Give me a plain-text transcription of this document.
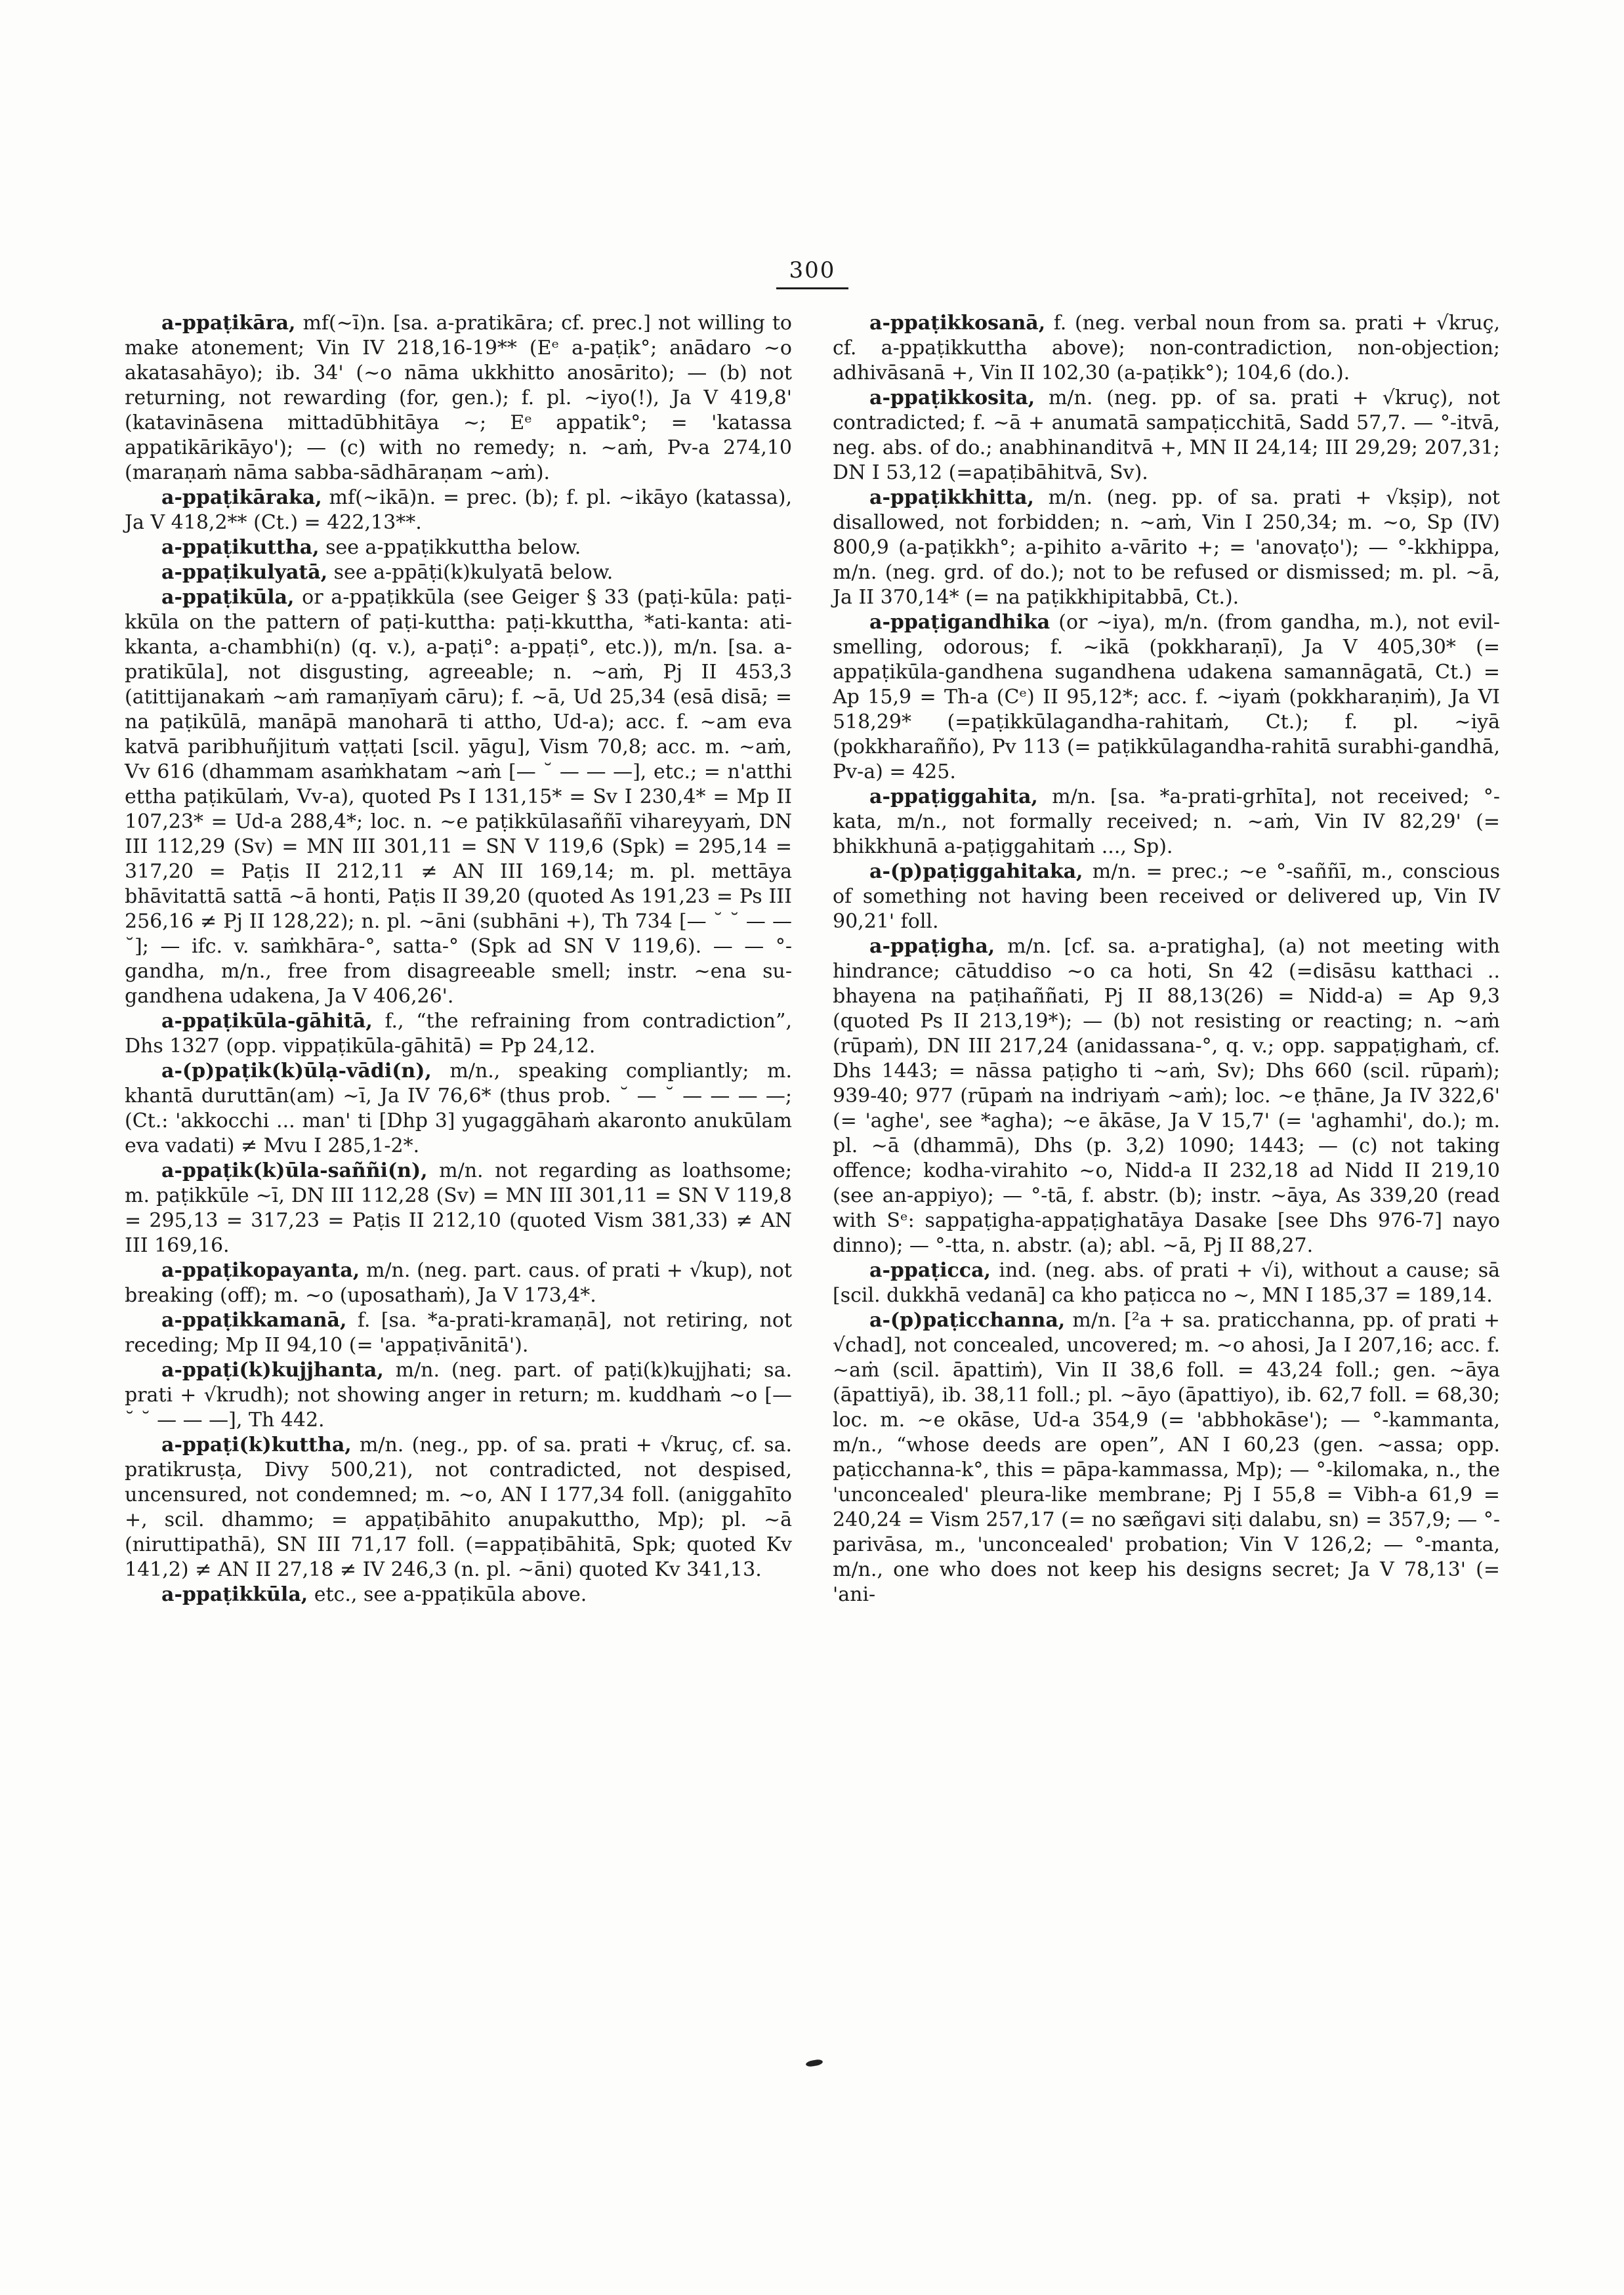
300

a-ppaṭikāra, mf(~ī)n. [sa. a-pratikāra; cf. prec.] not willing to make atonement; Vin IV 218,16-19** (Eᵉ a-paṭik°; anādaro ~o akatasahāyo); ib. 34' (~o nāma ukkhitto anosārito); — (b) not returning, not rewarding (for, gen.); f. pl. ~iyo(!), Ja V 419,8' (katavināsena mittadūbhitāya ~; Eᵉ appatik°; = 'katassa appatikārikāyo'); — (c) with no remedy; n. ~aṁ, Pv-a 274,10 (maraṇaṁ nāma sabba-sādhāraṇam ~aṁ).

a-ppaṭikāraka, mf(~ikā)n. = prec. (b); f. pl. ~ikāyo (katassa), Ja V 418,2** (Ct.) = 422,13**.

a-ppaṭikuttha, see a-ppaṭikkuttha below.

a-ppaṭikulyatā, see a-ppāṭi(k)kulyatā below.

a-ppaṭikūla, or a-ppaṭikkūla (see Geiger § 33 (paṭi-kūla: paṭi-kkūla on the pattern of paṭi-kuttha: paṭi-kkuttha, *ati-kanta: ati-kkanta, a-chambhi(n) (q. v.), a-paṭi°: a-ppaṭi°, etc.)), m/n. [sa. a-pratikūla], not disgusting, agreeable; n. ~aṁ, Pj II 453,3 (atittijanakaṁ ~aṁ ramaṇīyaṁ cāru); f. ~ā, Ud 25,34 (esā disā; = na paṭikūlā, manāpā manoharā ti attho, Ud-a); acc. f. ~am eva katvā paribhuñjituṁ vaṭṭati [scil. yāgu], Vism 70,8; acc. m. ~aṁ, Vv 616 (dhammam asaṁkhatam ~aṁ [— ˘ — — —], etc.; = n'atthi ettha paṭikūlaṁ, Vv-a), quoted Ps I 131,15* = Sv I 230,4* = Mp II 107,23* = Ud-a 288,4*; loc. n. ~e paṭikkūlasaññī vihareyyaṁ, DN III 112,29 (Sv) = MN III 301,11 = SN V 119,6 (Spk) = 295,14 = 317,20 = Paṭis II 212,11 ≠ AN III 169,14; m. pl. mettāya bhāvitattā sattā ~ā honti, Paṭis II 39,20 (quoted As 191,23 = Ps III 256,16 ≠ Pj II 128,22); n. pl. ~āni (subhāni +), Th 734 [— ˘ ˘ — — ˘]; — ifc. v. saṁkhāra-°, satta-° (Spk ad SN V 119,6). — — °-gandha, m/n., free from disagreeable smell; instr. ~ena su-gandhena udakena, Ja V 406,26'.

a-ppaṭikūla-gāhitā, f., “the refraining from contradiction”, Dhs 1327 (opp. vippaṭikūla-gāhitā) = Pp 24,12.

a-(p)paṭik(k)ūlạ-vādi(n), m/n., speaking compliantly; m. khantā duruttān(am) ~ī, Ja IV 76,6* (thus prob. ˘ — ˘ — — — —; (Ct.: 'akkocchi ... man' ti [Dhp 3] yugaggāhaṁ akaronto anukūlam eva vadati) ≠ Mvu I 285,1-2*.

a-ppaṭik(k)ūla-saññi(n), m/n. not regarding as loathsome; m. paṭikkūle ~ī, DN III 112,28 (Sv) = MN III 301,11 = SN V 119,8 = 295,13 = 317,23 = Paṭis II 212,10 (quoted Vism 381,33) ≠ AN III 169,16.

a-ppaṭikopayanta, m/n. (neg. part. caus. of prati + √kup), not breaking (off); m. ~o (uposathaṁ), Ja V 173,4*.

a-ppaṭikkamanā, f. [sa. *a-prati-kramaṇā], not retiring, not receding; Mp II 94,10 (= 'appaṭivānitā').

a-ppaṭi(k)kujjhanta, m/n. (neg. part. of paṭi(k)kujjhati; sa. prati + √krudh); not showing anger in return; m. kuddhaṁ ~o [— ˘ ˘ — — —], Th 442.

a-ppaṭi(k)kuttha, m/n. (neg., pp. of sa. prati + √kruç, cf. sa. pratikrusṭa, Divy 500,21), not contradicted, not despised, uncensured, not condemned; m. ~o, AN I 177,34 foll. (aniggahīto +, scil. dhammo; = appaṭibāhito anupakuttho, Mp); pl. ~ā (niruttipathā), SN III 71,17 foll. (=appaṭibāhitā, Spk; quoted Kv 141,2) ≠ AN II 27,18 ≠ IV 246,3 (n. pl. ~āni) quoted Kv 341,13.

a-ppaṭikkūla, etc., see a-ppaṭikūla above.

a-ppaṭikkosanā, f. (neg. verbal noun from sa. prati + √kruç, cf. a-ppaṭikkuttha above); non-contradiction, non-objection; adhivāsanā +, Vin II 102,30 (a-paṭikk°); 104,6 (do.).

a-ppaṭikkosita, m/n. (neg. pp. of sa. prati + √kruç), not contradicted; f. ~ā + anumatā sampaṭicchitā, Sadd 57,7. — °-itvā, neg. abs. of do.; anabhinanditvā +, MN II 24,14; III 29,29; 207,31; DN I 53,12 (=apaṭibāhitvā, Sv).

a-ppaṭikkhitta, m/n. (neg. pp. of sa. prati + √kṣip), not disallowed, not forbidden; n. ~aṁ, Vin I 250,34; m. ~o, Sp (IV) 800,9 (a-paṭikkh°; a-pihito a-vārito +; = 'anovaṭo'); — °-kkhippa, m/n. (neg. grd. of do.); not to be refused or dismissed; m. pl. ~ā, Ja II 370,14* (= na paṭikkhipitabbā, Ct.).

a-ppaṭigandhika (or ~iya), m/n. (from gandha, m.), not evil-smelling, odorous; f. ~ikā (pokkharaṇī), Ja V 405,30* (= appaṭikūla-gandhena sugandhena udakena samannāgatā, Ct.) = Ap 15,9 = Th-a (Cᵉ) II 95,12*; acc. f. ~iyaṁ (pokkharaṇiṁ), Ja VI 518,29* (=paṭikkūlagandha-rahitaṁ, Ct.); f. pl. ~iyā (pokkharañño), Pv 113 (= paṭikkūlagandha-rahitā surabhi-gandhā, Pv-a) = 425.

a-ppaṭiggahita, m/n. [sa. *a-prati-grhīta], not received; °-kata, m/n., not formally received; n. ~aṁ, Vin IV 82,29' (= bhikkhunā a-paṭiggahitaṁ ..., Sp).

a-(p)paṭiggahitaka, m/n. = prec.; ~e °-saññī, m., conscious of something not having been received or delivered up, Vin IV 90,21' foll.

a-ppaṭigha, m/n. [cf. sa. a-pratigha], (a) not meeting with hindrance; cātuddiso ~o ca hoti, Sn 42 (=disāsu katthaci .. bhayena na paṭihaññati, Pj II 88,13(26) = Nidd-a) = Ap 9,3 (quoted Ps II 213,19*); — (b) not resisting or reacting; n. ~aṁ (rūpaṁ), DN III 217,24 (anidassana-°, q. v.; opp. sappaṭighaṁ, cf. Dhs 1443; = nāssa paṭigho ti ~aṁ, Sv); Dhs 660 (scil. rūpaṁ); 939-40; 977 (rūpaṁ na indriyaṁ ~aṁ); loc. ~e ṭhāne, Ja IV 322,6' (= 'aghe', see *agha); ~e ākāse, Ja V 15,7' (= 'aghamhi', do.); m. pl. ~ā (dhammā), Dhs (p. 3,2) 1090; 1443; — (c) not taking offence; kodha-virahito ~o, Nidd-a II 232,18 ad Nidd II 219,10 (see an-appiyo); — °-tā, f. abstr. (b); instr. ~āya, As 339,20 (read with Sᵉ: sappaṭigha-appaṭighatāya Dasake [see Dhs 976-7] nayo dinno); — °-tta, n. abstr. (a); abl. ~ā, Pj II 88,27.

a-ppaṭicca, ind. (neg. abs. of prati + √i), without a cause; sā [scil. dukkhā vedanā] ca kho paṭicca no ~, MN I 185,37 = 189,14.

a-(p)paṭicchanna, m/n. [²a + sa. praticchanna, pp. of prati + √chad], not concealed, uncovered; m. ~o ahosi, Ja I 207,16; acc. f. ~aṁ (scil. āpattiṁ), Vin II 38,6 foll. = 43,24 foll.; gen. ~āya (āpattiyā), ib. 38,11 foll.; pl. ~āyo (āpattiyo), ib. 62,7 foll. = 68,30; loc. m. ~e okāse, Ud-a 354,9 (= 'abbhokāse'); — °-kammanta, m/n., “whose deeds are open”, AN I 60,23 (gen. ~assa; opp. paṭicchanna-k°, this = pāpa-kammassa, Mp); — °-kilomaka, n., the 'unconcealed' pleura-like membrane; Pj I 55,8 = Vibh-a 61,9 = 240,24 = Vism 257,17 (= no sæñgavi siṭi dalabu, sn) = 357,9; — °-parivāsa, m., 'unconcealed' probation; Vin V 126,2; — °-manta, m/n., one who does not keep his designs secret; Ja V 78,13' (= 'ani-
